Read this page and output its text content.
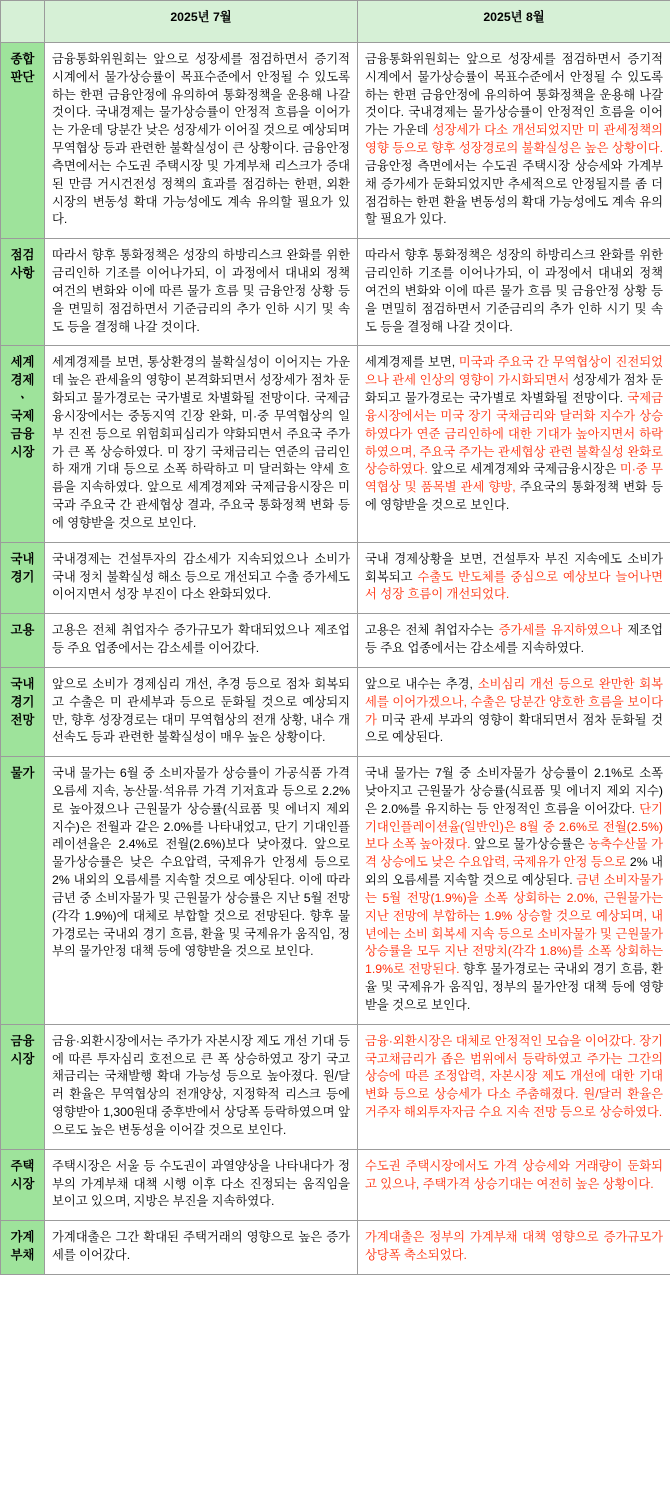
	2025년 7월	2025년 8월
종합
판단	금융통화위원회는 앞으로 성장세를 점검하면서 증기적 시계에서 물가상승률이 목표수준에서 안정될 수 있도록 하는 한편 금융안정에 유의하여 통화정책을 운용해 나갈 것이다. 국내경제는 물가상승률이 안정적 흐름을 이어가는 가운데 당분간 낮은 성장세가 이어질 것으로 예상되며 무역협상 등과 관련한 불확실성이 큰 상황이다. 금융안정 측면에서는 수도권 주택시장 및 가계부채 리스크가 증대된 만큼 거시건전성 정책의 효과를 점검하는 한편, 외환시장의 변동성 확대 가능성에도 계속 유의할 필요가 있다.	금융통화위원회는 앞으로 성장세를 점검하면서 증기적 시계에서 물가상승률이 목표수준에서 안정될 수 있도록 하는 한편 금융안정에 유의하여 통화정책을 운용해 나갈 것이다. 국내경제는 물가상승률이 안정적인 흐름을 이어가는 가운데 성장세가 다소 개선되었지만 미 관세정책의 영향 등으로 향후 성장경로의 불확실성은 높은 상황이다. 금융안정 측면에서는 수도권 주택시장 상승세와 가계부채 증가세가 둔화되었지만 추세적으로 안정될지를 좀 더 점검하는 한편 환율 변동성의 확대 가능성에도 계속 유의할 필요가 있다.
점검
사항	따라서 향후 통화정책은 성장의 하방리스크 완화를 위한 금리인하 기조를 이어나가되, 이 과정에서 대내외 정책 여건의 변화와 이에 따른 물가 흐름 및 금융안정 상황 등을 면밀히 점검하면서 기준금리의 추가 인하 시기 및 속도 등을 결정해 나갈 것이다.	따라서 향후 통화정책은 성장의 하방리스크 완화를 위한 금리인하 기조를 이어나가되, 이 과정에서 대내외 정책 여건의 변화와 이에 따른 물가 흐름 및 금융안정 상황 등을 면밀히 점검하면서 기준금리의 추가 인하 시기 및 속도 등을 결정해 나갈 것이다.
세계
경제ㆍ
국제
금융
시장	세계경제를 보면, 통상환경의 불확실성이 이어지는 가운데 높은 관세율의 영향이 본격화되면서 성장세가 점차 둔화되고 물가경로는 국가별로 차별화될 전망이다. 국제금융시장에서는 중동지역 긴장 완화, 미·중 무역협상의 일부 진전 등으로 위험회피심리가 약화되면서 주요국 주가가 큰 폭 상승하였다. 미 장기 국채금리는 연준의 금리인하 재개 기대 등으로 소폭 하락하고 미 달러화는 약세 흐름을 지속하였다. 앞으로 세계경제와 국제금융시장은 미국과 주요국 간 관세협상 결과, 주요국 통화정책 변화 등에 영향받을 것으로 보인다.	세계경제를 보면, 미국과 주요국 간 무역협상이 진전되었으나 관세 인상의 영향이 가시화되면서 성장세가 점차 둔화되고 물가경로는 국가별로 차별화될 전망이다. 국제금융시장에서는 미국 장기 국채금리와 달러화 지수가 상승하였다가 연준 금리인하에 대한 기대가 높아지면서 하락하였으며, 주요국 주가는 관세협상 관련 불확실성 완화로 상승하였다. 앞으로 세계경제와 국제금융시장은 미·중 무역협상 및 품목별 관세 향방, 주요국의 통화정책 변화 등에 영향받을 것으로 보인다.
국내
경기	국내경제는 건설투자의 감소세가 지속되었으나 소비가 국내 정치 불확실성 해소 등으로 개선되고 수출 증가세도 이어지면서 성장 부진이 다소 완화되었다.	국내 경제상황을 보면, 건설투자 부진 지속에도 소비가 회복되고 수출도 반도체를 중심으로 예상보다 늘어나면서 성장 흐름이 개선되었다.
고용	고용은 전체 취업자수 증가규모가 확대되었으나 제조업 등 주요 업종에서는 감소세를 이어갔다.	고용은 전체 취업자수는 증가세를 유지하였으나 제조업 등 주요 업종에서는 감소세를 지속하였다.
국내
경기
전망	앞으로 소비가 경제심리 개선, 추경 등으로 점차 회복되고 수출은 미 관세부과 등으로 둔화될 것으로 예상되지만, 향후 성장경로는 대미 무역협상의 전개 상황, 내수 개선속도 등과 관련한 불확실성이 매우 높은 상황이다.	앞으로 내수는 추경, 소비심리 개선 등으로 완만한 회복세를 이어가겠으나, 수출은 당분간 양호한 흐름을 보이다가 미국 관세 부과의 영향이 확대되면서 점차 둔화될 것으로 예상된다.
물가	국내 물가는 6월 중 소비자물가 상승률이 가공식품 가격 오름세 지속, 농산물·석유류 가격 기저효과 등으로 2.2%로 높아졌으나 근원물가 상승률(식료품 및 에너지 제외 지수)은 전월과 같은 2.0%를 나타내었고, 단기 기대인플레이션율은 2.4%로 전월(2.6%)보다 낮아졌다. 앞으로 물가상승률은 낮은 수요압력, 국제유가 안정세 등으로 2% 내외의 오름세를 지속할 것으로 예상된다. 이에 따라 금년 중 소비자물가 및 근원물가 상승률은 지난 5월 전망(각각 1.9%)에 대체로 부합할 것으로 전망된다. 향후 물가경로는 국내외 경기 흐름, 환율 및 국제유가 움직임, 정부의 물가안정 대책 등에 영향받을 것으로 보인다.	국내 물가는 7월 중 소비자물가 상승률이 2.1%로 소폭 낮아지고 근원물가 상승률(식료품 및 에너지 제외 지수)은 2.0%를 유지하는 등 안정적인 흐름을 이어갔다. 단기 기대인플레이션율(일반인)은 8월 중 2.6%로 전월(2.5%)보다 소폭 높아졌다. 앞으로 물가상승률은 농축수산물 가격 상승에도 낮은 수요압력, 국제유가 안정 등으로 2% 내외의 오름세를 지속할 것으로 예상된다. 금년 소비자물가는 5월 전망(1.9%)을 소폭 상회하는 2.0%, 근원물가는 지난 전망에 부합하는 1.9% 상승할 것으로 예상되며, 내년에는 소비 회복세 지속 등으로 소비자물가 및 근원물가 상승률을 모두 지난 전망치(각각 1.8%)를 소폭 상회하는 1.9%로 전망된다. 향후 물가경로는 국내외 경기 흐름, 환율 및 국제유가 움직임, 정부의 물가안정 대책 등에 영향받을 것으로 보인다.
금융
시장	금융·외환시장에서는 주가가 자본시장 제도 개선 기대 등에 따른 투자심리 호전으로 큰 폭 상승하였고 장기 국고채금리는 국채발행 확대 가능성 등으로 높아졌다. 원/달러 환율은 무역협상의 전개양상, 지정학적 리스크 등에 영향받아 1,300원대 중후반에서 상당폭 등락하였으며 앞으로도 높은 변동성을 이어갈 것으로 보인다.	금융·외환시장은 대체로 안정적인 모습을 이어갔다. 장기 국고채금리가 좁은 범위에서 등락하였고 주가는 그간의 상승에 따른 조정압력, 자본시장 제도 개선에 대한 기대변화 등으로 상승세가 다소 주춤해졌다. 원/달러 환율은 거주자 해외투자자금 수요 지속 전망 등으로 상승하였다.
주택
시장	주택시장은 서울 등 수도권이 과열양상을 나타내다가 정부의 가계부채 대책 시행 이후 다소 진정되는 움직임을 보이고 있으며, 지방은 부진을 지속하였다.	수도권 주택시장에서도 가격 상승세와 거래량이 둔화되고 있으나, 주택가격 상승기대는 여전히 높은 상황이다.
가계
부채	가계대출은 그간 확대된 주택거래의 영향으로 높은 증가세를 이어갔다.	가계대출은 정부의 가계부채 대책 영향으로 증가규모가 상당폭 축소되었다.
